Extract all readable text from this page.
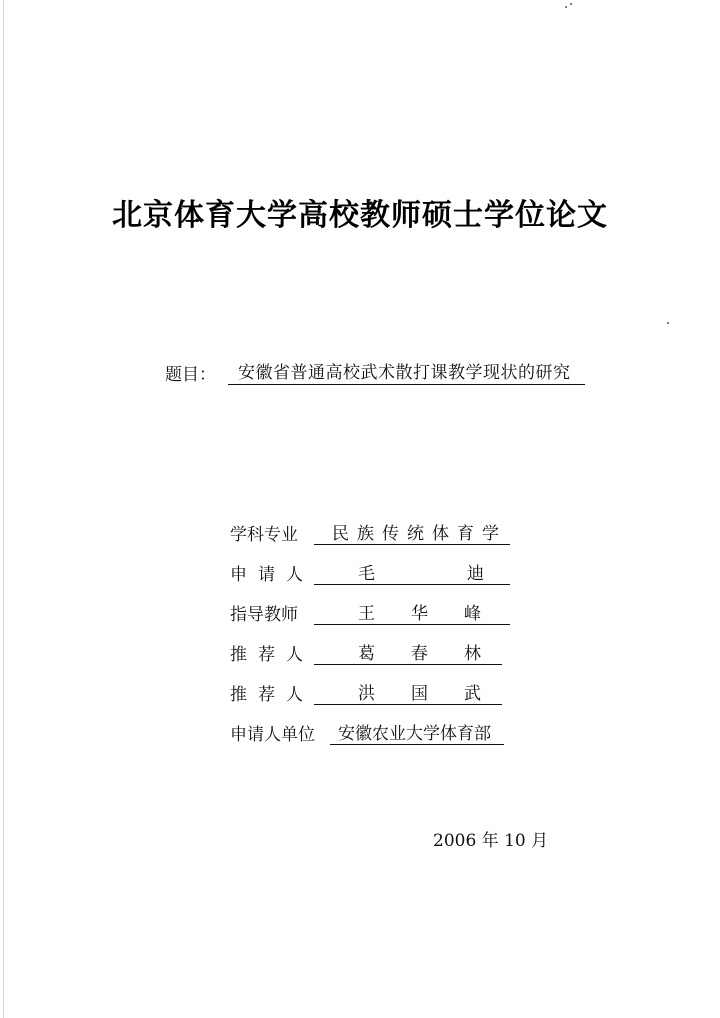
北京体育大学高校教师硕士学位论文
题目：	安徽省普通高校武术散打课教学现状的研究
学科专业	民 族 传 统 体 育 学
申请人	毛	迪
指导教师	王 华 峰
推荐人	葛 春 林
推荐人	洪 国 武
申请人单位	安徽农业大学体育部
2006 年 10 月
